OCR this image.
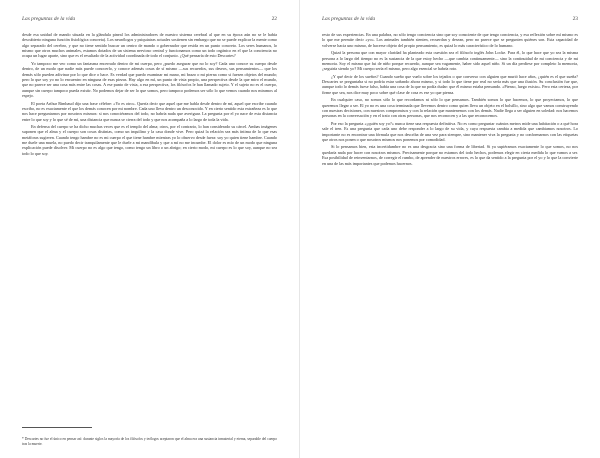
Las preguntas de la vida	22

desde esa unidad de mando situada en la glándula pineal los administradores de nuestro sistema cerebral al que en su época aún no se le había descubierto ninguna función fisiológica concreta). Los neurólogos y psiquiatras actuales sostienen sin embargo que no se puede explicar la mente como algo separado del cerebro, y que no tiene sentido buscar un centro de mando o gobernador que resida en un punto concreto. Los seres humanos, lo mismo que otros muchos animales, estamos dotados de un sistema nervioso central y funcionamos como un todo orgánico en el que la conciencia no ocupa un lugar aparte, sino que es el resultado de la actividad coordinada de todo el conjunto. ¿Qué pensaría de esto Descartes?

Yo tampoco me veo como un fantasma encerrado dentro de mi cuerpo, pero ¿puedo asegurar que no lo soy? Cada uno conoce su cuerpo desde dentro, de un modo que nadie más puede conocerlo, y conoce además cosas de sí mismo —sus recuerdos, sus deseos, sus pensamientos— que los demás sólo pueden adivinar por lo que dice o hace. Es verdad que puedo examinar mi mano, mi brazo o mi pierna como si fuesen objetos del mundo; pero lo que soy yo no lo encuentro en ninguna de esas piezas. Hay algo en mí, un punto de vista propio, una perspectiva desde la que miro el mundo, que no parece ser una cosa más entre las cosas. A ese punto de vista, a esa perspectiva, los filósofos le han llamado sujeto. Y el sujeto no es el cuerpo, aunque sin cuerpo tampoco pueda existir. No podemos dejar de ser lo que somos, pero tampoco podemos ser sólo lo que vemos cuando nos miramos al espejo.

El poeta Arthur Rimbaud dijo una frase célebre: «Yo es otro». Quería decir que aquel que me habla desde dentro de mí, aquel que escribe cuando escribo, no es exactamente el que los demás conocen por mi nombre. Cada uno lleva dentro un desconocido. Y en cierto sentido esta extrañeza es lo que nos hace preguntarnos por nosotros mismos: si nos conociéramos del todo, no habría nada que averiguar. La pregunta por el yo nace de esta distancia entre lo que soy y lo que sé de mí, una distancia que nunca se cierra del todo y que nos acompaña a lo largo de toda la vida.

En defensa del cuerpo se ha dicho muchas veces que es el templo del alma; otros, por el contrario, lo han considerado su cárcel. Ambas imágenes suponen que el alma y el cuerpo son cosas distintas, como un inquilino y la casa donde vive. Pero quizá la relación sea más íntima de lo que esas metáforas sugieren. Cuando tengo hambre no es mi cuerpo el que tiene hambre mientras yo lo observo desde fuera: soy yo quien tiene hambre. Cuando me duele una muela, no puedo decir tranquilamente que le duele a mi mandíbula y que a mí no me incumbe. El dolor es mío de un modo que ninguna explicación puede disolver. Mi cuerpo no es algo que tengo, como tengo un libro o un abrigo; en cierto modo, mi cuerpo es lo que soy, aunque no sea todo lo que soy.

* Descartes no fue el único en pensar así: durante siglos la mayoría de los filósofos y teólogos aceptaron que el alma era una sustancia inmaterial y eterna, separable del cuerpo tras la muerte.
Las preguntas de la vida	23

resto de sus experiencias. En una palabra, no sólo tengo conciencia sino que soy consciente de que tengo conciencia, y esa reflexión sobre mí mismo es lo que me permite decir «yo». Los animales también sienten, recuerdan y desean, pero no parece que se pregunten quiénes son. Esta capacidad de volverse hacia uno mismo, de hacerse objeto del propio pensamiento, es quizá lo más característico de lo humano.

Quizá la persona que con mayor claridad ha planteado esta cuestión sea el filósofo inglés John Locke. Para él, lo que hace que yo sea la misma persona a lo largo del tiempo no es la sustancia de la que estoy hecho —que cambia continuamente— sino la continuidad de mi conciencia y de mi memoria. Soy el mismo que fui de niño porque recuerdo, aunque sea vagamente, haber sido aquel niño. Si un día perdiese por completo la memoria, ¿seguiría siendo yo? Mi cuerpo sería el mismo, pero algo esencial se habría roto.

¿Y qué decir de los sueños? Cuando sueño que vuelo sobre los tejados o que converso con alguien que murió hace años, ¿quién es el que sueña? Descartes se preguntaba si no podría estar soñando ahora mismo, y si todo lo que tiene por real no sería más que una ilusión. Su conclusión fue que, aunque todo lo demás fuese falso, había una cosa de la que no podía dudar: que él mismo estaba pensando. «Pienso, luego existo». Pero esta certeza, por firme que sea, nos dice muy poco sobre qué clase de cosa es ese yo que piensa.

En cualquier caso, no somos sólo lo que recordamos ni sólo lo que pensamos. También somos lo que hacemos, lo que proyectamos, lo que queremos llegar a ser. El yo no es una cosa terminada que llevemos dentro como quien lleva un objeto en el bolsillo, sino algo que vamos construyendo con nuestras decisiones, con nuestros compromisos y con la relación que mantenemos con los demás. Nadie llega a ser alguien en soledad: nos hacemos personas en la conversación y en el trato con otras personas, que nos reconocen y a las que reconocemos.

Por eso la pregunta «¿quién soy yo?» nunca tiene una respuesta definitiva. No es como preguntar cuántos metros mide una habitación o a qué hora sale el tren. Es una pregunta que cada uno debe responder a lo largo de su vida, y cuya respuesta cambia a medida que cambiamos nosotros. Lo importante no es encontrar una fórmula que nos describa de una vez para siempre, sino mantener viva la pregunta y no conformarnos con las etiquetas que otros nos ponen o que nosotros mismos nos ponemos por comodidad.

Si lo pensamos bien, esta incertidumbre no es una desgracia sino una forma de libertad. Si ya supiéramos exactamente lo que somos, no nos quedaría nada por hacer con nosotros mismos. Precisamente porque no estamos del todo hechos, podemos elegir en cierta medida lo que vamos a ser. Esa posibilidad de reinventarnos, de corregir el rumbo, de aprender de nuestros errores, es lo que da sentido a la pregunta por el yo y lo que la convierte en una de las más importantes que podemos hacernos.
